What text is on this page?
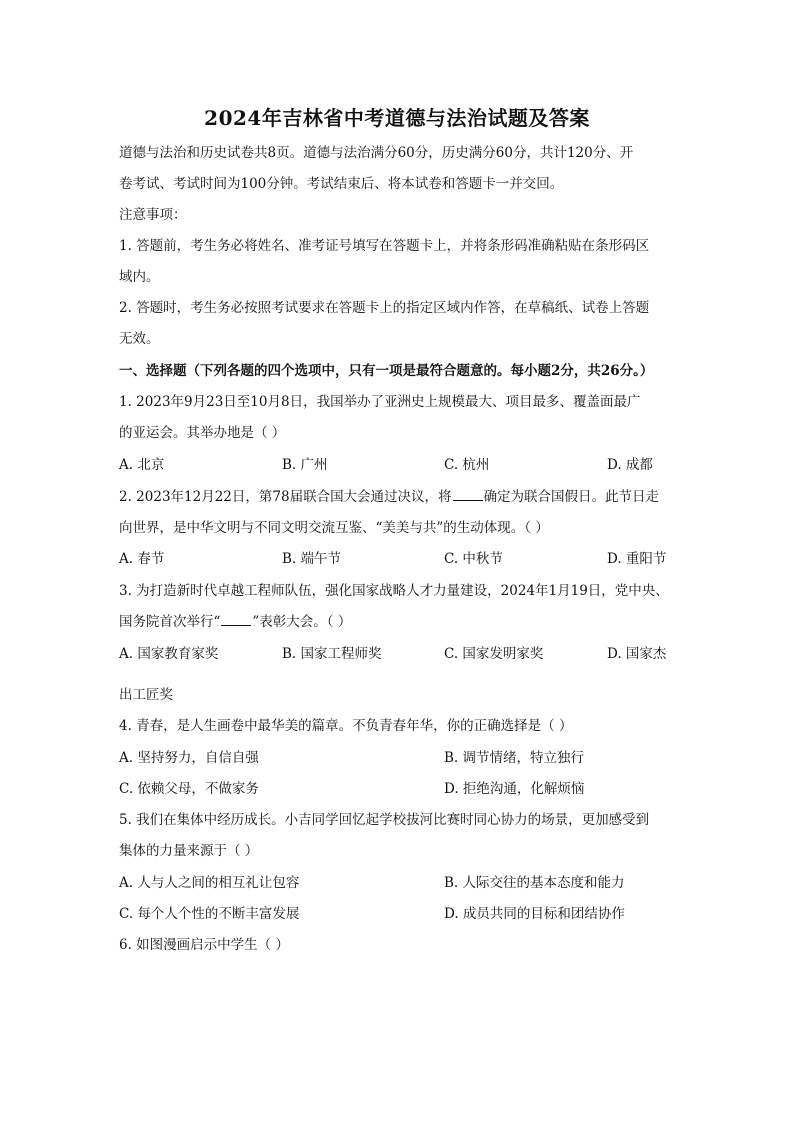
2024年吉林省中考道德与法治试题及答案
道德与法治和历史试卷共8页。道德与法治满分60分，历史满分60分，共计120分、开
卷考试、考试时间为100分钟。考试结束后、将本试卷和答题卡一并交回。
注意事项：
1. 答题前，考生务必将姓名、准考证号填写在答题卡上，并将条形码准确粘贴在条形码区
域内。
2. 答题时，考生务必按照考试要求在答题卡上的指定区域内作答，在草稿纸、试卷上答题
无效。
一、选择题（下列各题的四个选项中，只有一项是最符合题意的。每小题2分，共26分。）
1. 2023年9月23日至10月8日，我国举办了亚洲史上规模最大、项目最多、覆盖面最广
的亚运会。其举办地是（ ）
A. 北京	B. 广州	C. 杭州	D. 成都
2. 2023年12月22日，第78届联合国大会通过决议，将 确定为联合国假日。此节日走
向世界，是中华文明与不同文明交流互鉴、“美美与共”的生动体现。（ ）
A. 春节	B. 端午节	C. 中秋节	D. 重阳节
3. 为打造新时代卓越工程师队伍，强化国家战略人才力量建设，2024年1月19日，党中央、
国务院首次举行“ ”表彰大会。（ ）
A. 国家教育家奖	B. 国家工程师奖	C. 国家发明家奖	D. 国家杰
出工匠奖
4. 青春，是人生画卷中最华美的篇章。不负青春年华，你的正确选择是（ ）
A. 坚持努力，自信自强	B. 调节情绪，特立独行
C. 依赖父母，不做家务	D. 拒绝沟通，化解烦恼
5. 我们在集体中经历成长。小吉同学回忆起学校拔河比赛时同心协力的场景，更加感受到
集体的力量来源于（ ）
A. 人与人之间的相互礼让包容	B. 人际交往的基本态度和能力
C. 每个人个性的不断丰富发展	D. 成员共同的目标和团结协作
6. 如图漫画启示中学生（ ）
